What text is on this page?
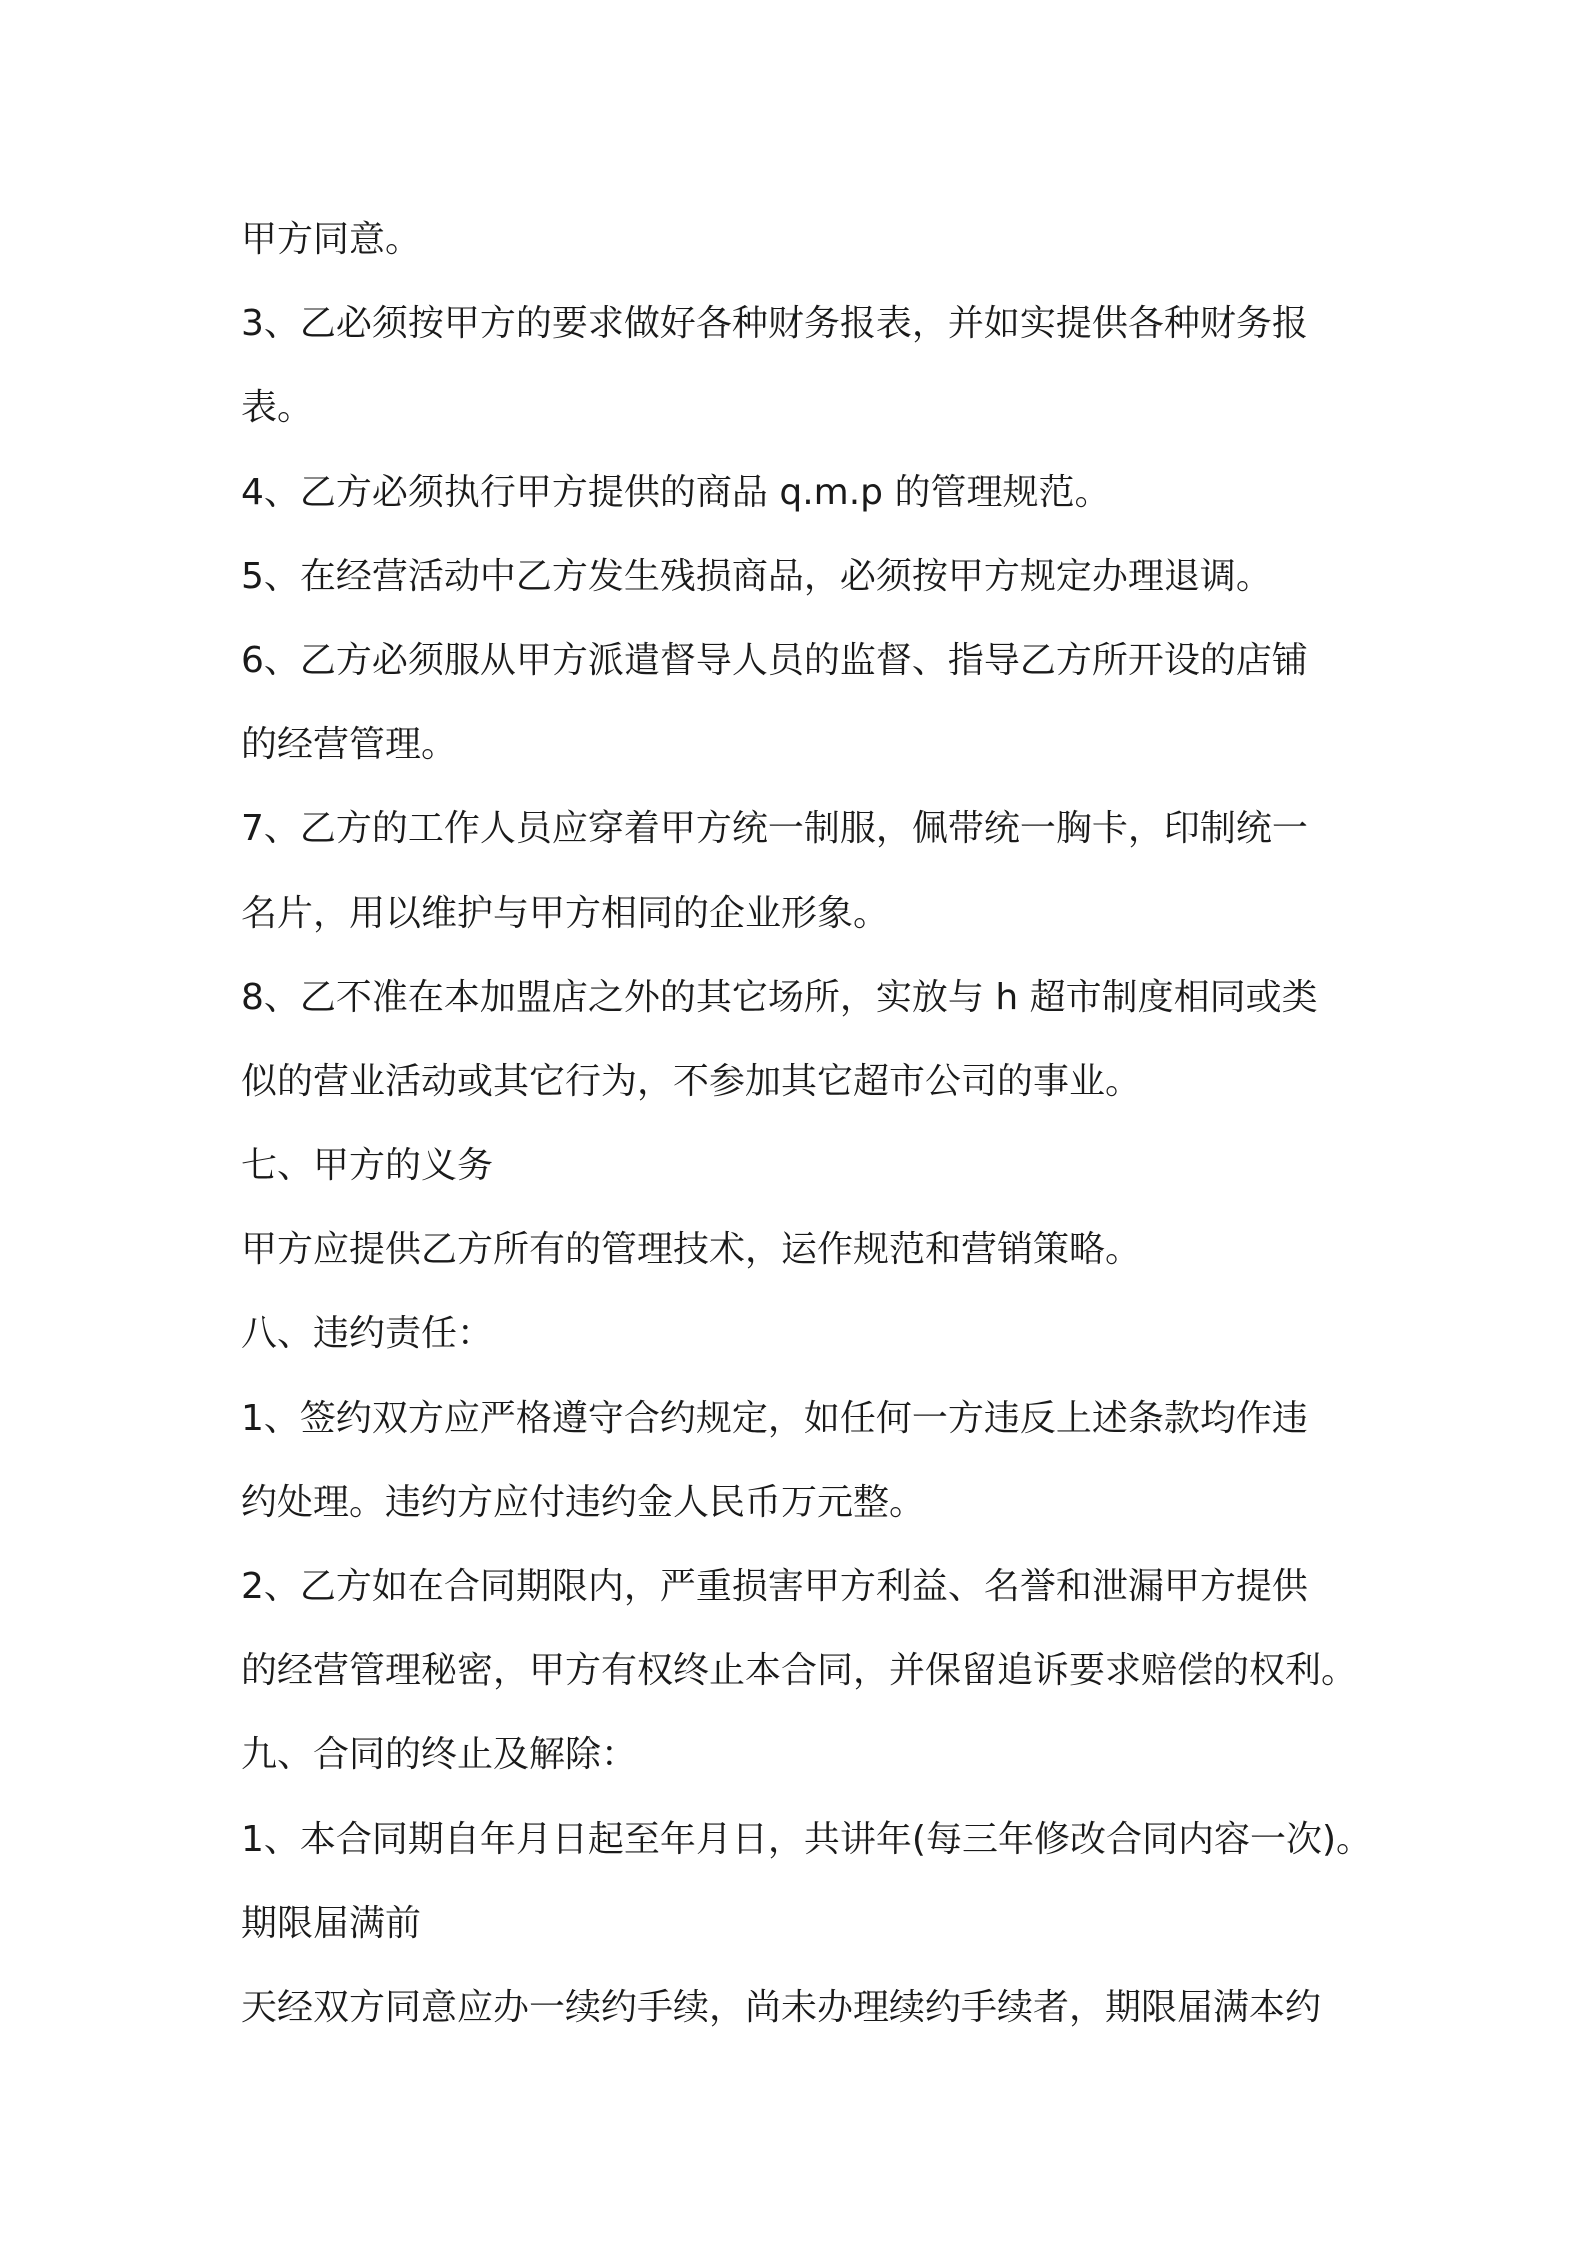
甲方同意。
3、乙必须按甲方的要求做好各种财务报表，并如实提供各种财务报
表。
4、乙方必须执行甲方提供的商品 q.m.p 的管理规范。
5、在经营活动中乙方发生残损商品，必须按甲方规定办理退调。
6、乙方必须服从甲方派遣督导人员的监督、指导乙方所开设的店铺
的经营管理。
7、乙方的工作人员应穿着甲方统一制服，佩带统一胸卡，印制统一
名片，用以维护与甲方相同的企业形象。
8、乙不准在本加盟店之外的其它场所，实放与 h 超市制度相同或类
似的营业活动或其它行为，不参加其它超市公司的事业。
七、甲方的义务
甲方应提供乙方所有的管理技术，运作规范和营销策略。
八、违约责任：
1、签约双方应严格遵守合约规定，如任何一方违反上述条款均作违
约处理。违约方应付违约金人民币万元整。
2、乙方如在合同期限内，严重损害甲方利益、名誉和泄漏甲方提供
的经营管理秘密，甲方有权终止本合同，并保留追诉要求赔偿的权利。
九、合同的终止及解除：
1、本合同期自年月日起至年月日，共讲年(每三年修改合同内容一次)。
期限届满前
天经双方同意应办一续约手续，尚未办理续约手续者，期限届满本约
